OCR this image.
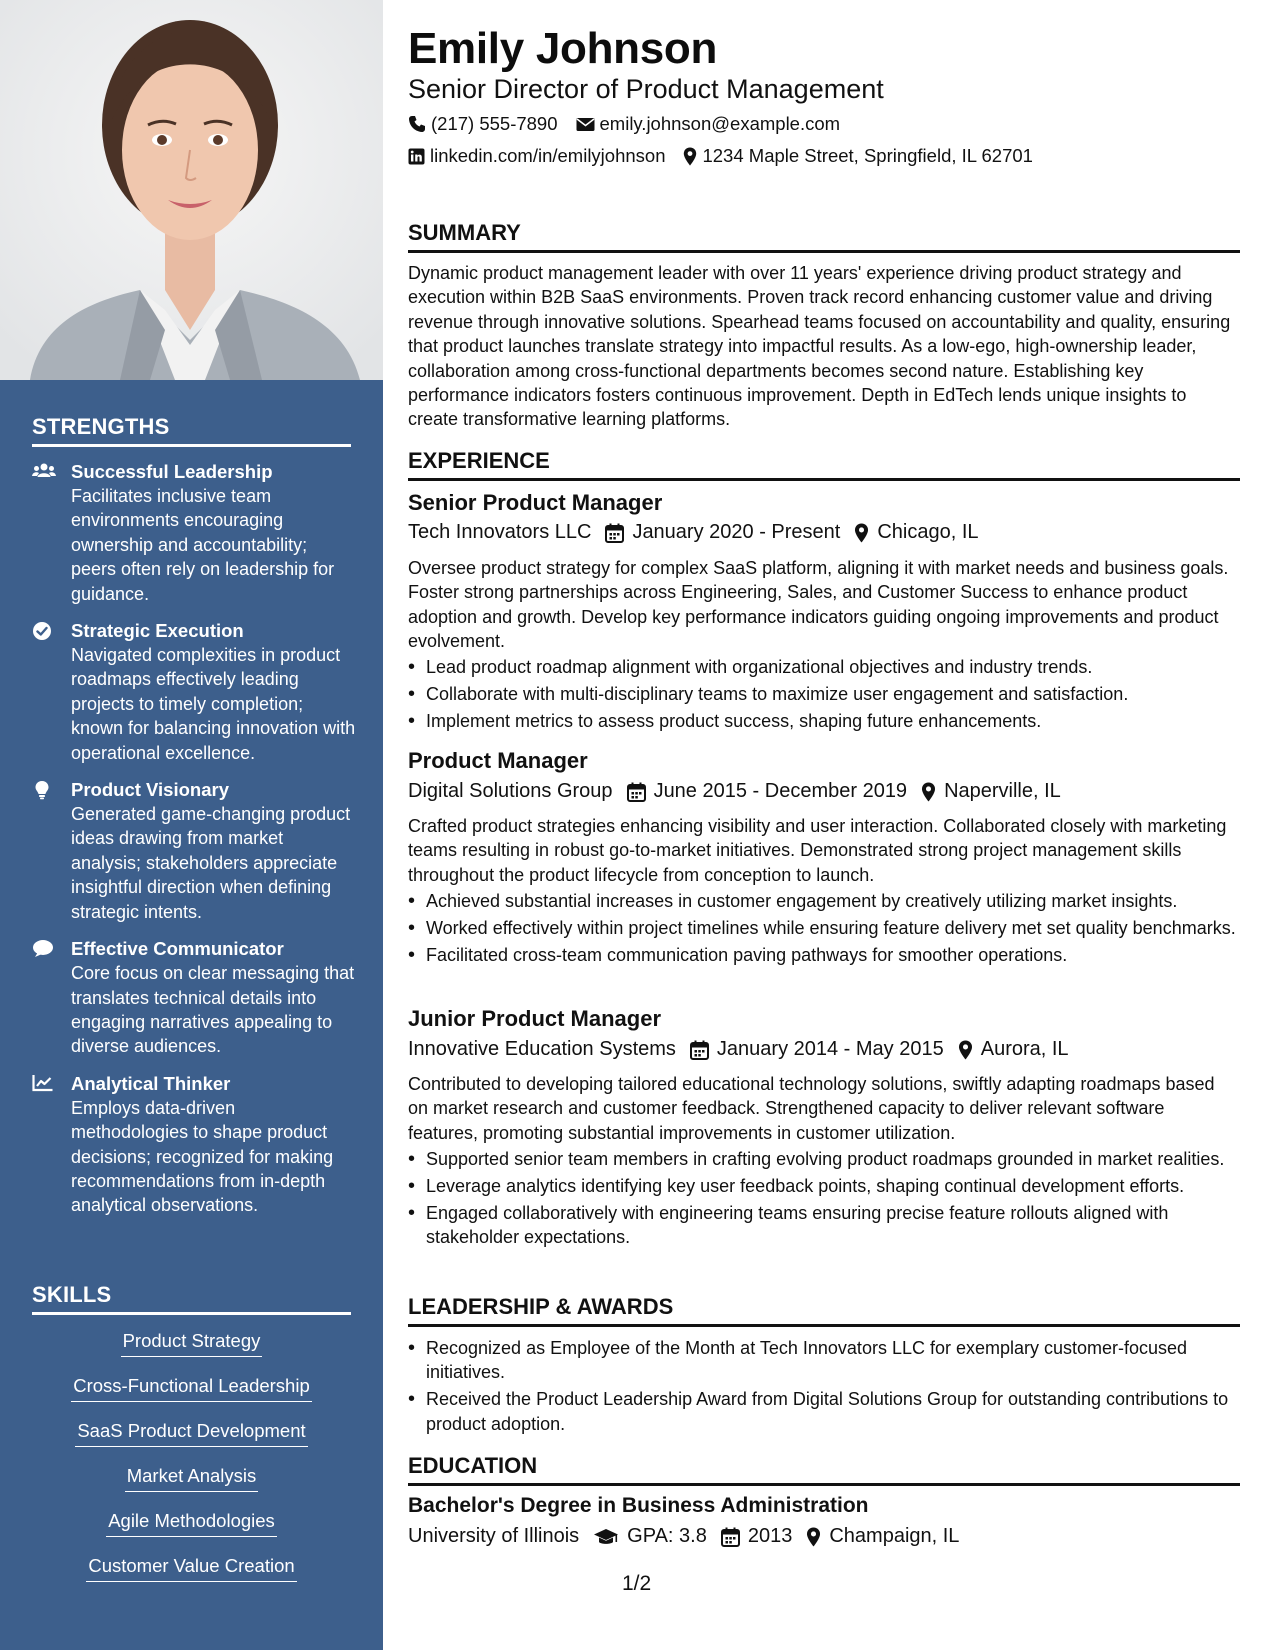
STRENGTHS
Successful Leadership
Facilitates inclusive team environments encouraging ownership and accountability; peers often rely on leadership for guidance.
Strategic Execution
Navigated complexities in product roadmaps effectively leading projects to timely completion; known for balancing innovation with operational excellence.
Product Visionary
Generated game-changing product ideas drawing from market analysis; stakeholders appreciate insightful direction when defining strategic intents.
Effective Communicator
Core focus on clear messaging that translates technical details into engaging narratives appealing to diverse audiences.
Analytical Thinker
Employs data-driven methodologies to shape product decisions; recognized for making recommendations from in-depth analytical observations.
SKILLS
Product Strategy
Cross-Functional Leadership
SaaS Product Development
Market Analysis
Agile Methodologies
Customer Value Creation
Emily Johnson
Senior Director of Product Management
(217) 555-7890 emily.johnson@example.com
linkedin.com/in/emilyjohnson 1234 Maple Street, Springfield, IL 62701
SUMMARY
Dynamic product management leader with over 11 years' experience driving product strategy and execution within B2B SaaS environments. Proven track record enhancing customer value and driving revenue through innovative solutions. Spearhead teams focused on accountability and quality, ensuring that product launches translate strategy into impactful results. As a low-ego, high-ownership leader, collaboration among cross-functional departments becomes second nature. Establishing key performance indicators fosters continuous improvement. Depth in EdTech lends unique insights to create transformative learning platforms.
EXPERIENCE
Senior Product Manager
Tech Innovators LLC January 2020 - Present Chicago, IL
Oversee product strategy for complex SaaS platform, aligning it with market needs and business goals. Foster strong partnerships across Engineering, Sales, and Customer Success to enhance product adoption and growth. Develop key performance indicators guiding ongoing improvements and product evolvement.
• Lead product roadmap alignment with organizational objectives and industry trends.
• Collaborate with multi-disciplinary teams to maximize user engagement and satisfaction.
• Implement metrics to assess product success, shaping future enhancements.
Product Manager
Digital Solutions Group June 2015 - December 2019 Naperville, IL
Crafted product strategies enhancing visibility and user interaction. Collaborated closely with marketing teams resulting in robust go-to-market initiatives. Demonstrated strong project management skills throughout the product lifecycle from conception to launch.
• Achieved substantial increases in customer engagement by creatively utilizing market insights.
• Worked effectively within project timelines while ensuring feature delivery met set quality benchmarks.
• Facilitated cross-team communication paving pathways for smoother operations.
Junior Product Manager
Innovative Education Systems January 2014 - May 2015 Aurora, IL
Contributed to developing tailored educational technology solutions, swiftly adapting roadmaps based on market research and customer feedback. Strengthened capacity to deliver relevant software features, promoting substantial improvements in customer utilization.
• Supported senior team members in crafting evolving product roadmaps grounded in market realities.
• Leverage analytics identifying key user feedback points, shaping continual development efforts.
• Engaged collaboratively with engineering teams ensuring precise feature rollouts aligned with stakeholder expectations.
LEADERSHIP & AWARDS
• Recognized as Employee of the Month at Tech Innovators LLC for exemplary customer-focused initiatives.
• Received the Product Leadership Award from Digital Solutions Group for outstanding contributions to product adoption.
EDUCATION
Bachelor's Degree in Business Administration
University of Illinois GPA: 3.8 2013 Champaign, IL
1/2
